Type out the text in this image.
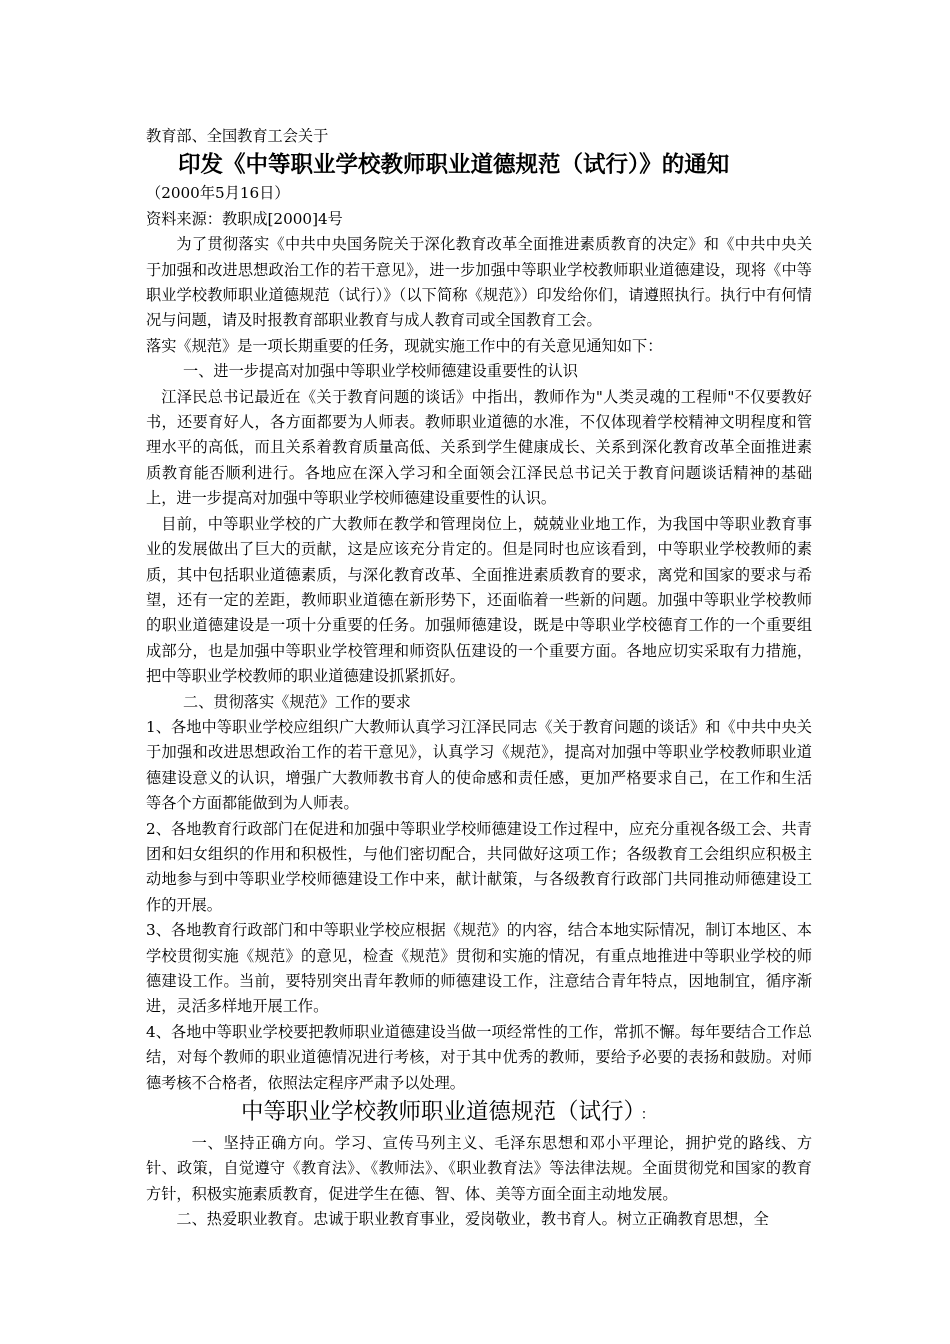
教育部、全国教育工会关于

印发《中等职业学校教师职业道德规范（试行）》的通知

（2000年5月16日）

资料来源：教职成[2000]4号

为了贯彻落实《中共中央国务院关于深化教育改革全面推进素质教育的决定》和《中共中央关于加强和改进思想政治工作的若干意见》，进一步加强中等职业学校教师职业道德建设，现将《中等职业学校教师职业道德规范（试行）》（以下简称《规范》）印发给你们，请遵照执行。执行中有何情况与问题，请及时报教育部职业教育与成人教育司或全国教育工会。

落实《规范》是一项长期重要的任务，现就实施工作中的有关意见通知如下：

一、进一步提高对加强中等职业学校师德建设重要性的认识

江泽民总书记最近在《关于教育问题的谈话》中指出，教师作为"人类灵魂的工程师"不仅要教好书，还要育好人，各方面都要为人师表。教师职业道德的水准，不仅体现着学校精神文明程度和管理水平的高低，而且关系着教育质量高低、关系到学生健康成长、关系到深化教育改革全面推进素质教育能否顺利进行。各地应在深入学习和全面领会江泽民总书记关于教育问题谈话精神的基础上，进一步提高对加强中等职业学校师德建设重要性的认识。

目前，中等职业学校的广大教师在教学和管理岗位上，兢兢业业地工作，为我国中等职业教育事业的发展做出了巨大的贡献，这是应该充分肯定的。但是同时也应该看到，中等职业学校教师的素质，其中包括职业道德素质，与深化教育改革、全面推进素质教育的要求，离党和国家的要求与希望，还有一定的差距，教师职业道德在新形势下，还面临着一些新的问题。加强中等职业学校教师的职业道德建设是一项十分重要的任务。加强师德建设，既是中等职业学校德育工作的一个重要组成部分，也是加强中等职业学校管理和师资队伍建设的一个重要方面。各地应切实采取有力措施，把中等职业学校教师的职业道德建设抓紧抓好。

二、贯彻落实《规范》工作的要求

1、各地中等职业学校应组织广大教师认真学习江泽民同志《关于教育问题的谈话》和《中共中央关于加强和改进思想政治工作的若干意见》，认真学习《规范》，提高对加强中等职业学校教师职业道德建设意义的认识，增强广大教师教书育人的使命感和责任感，更加严格要求自己，在工作和生活等各个方面都能做到为人师表。

2、各地教育行政部门在促进和加强中等职业学校师德建设工作过程中，应充分重视各级工会、共青团和妇女组织的作用和积极性，与他们密切配合，共同做好这项工作；各级教育工会组织应积极主动地参与到中等职业学校师德建设工作中来，献计献策，与各级教育行政部门共同推动师德建设工作的开展。

3、各地教育行政部门和中等职业学校应根据《规范》的内容，结合本地实际情况，制订本地区、本学校贯彻实施《规范》的意见，检查《规范》贯彻和实施的情况，有重点地推进中等职业学校的师德建设工作。当前，要特别突出青年教师的师德建设工作，注意结合青年特点，因地制宜，循序渐进，灵活多样地开展工作。

4、各地中等职业学校要把教师职业道德建设当做一项经常性的工作，常抓不懈。每年要结合工作总结，对每个教师的职业道德情况进行考核，对于其中优秀的教师，要给予必要的表扬和鼓励。对师德考核不合格者，依照法定程序严肃予以处理。

中等职业学校教师职业道德规范（试行） ：

一、坚持正确方向。学习、宣传马列主义、毛泽东思想和邓小平理论，拥护党的路线、方针、政策，自觉遵守《教育法》、《教师法》、《职业教育法》等法律法规。全面贯彻党和国家的教育方针，积极实施素质教育，促进学生在德、智、体、美等方面全面主动地发展。

二、热爱职业教育。忠诚于职业教育事业，爱岗敬业，教书育人。树立正确教育思想，全
